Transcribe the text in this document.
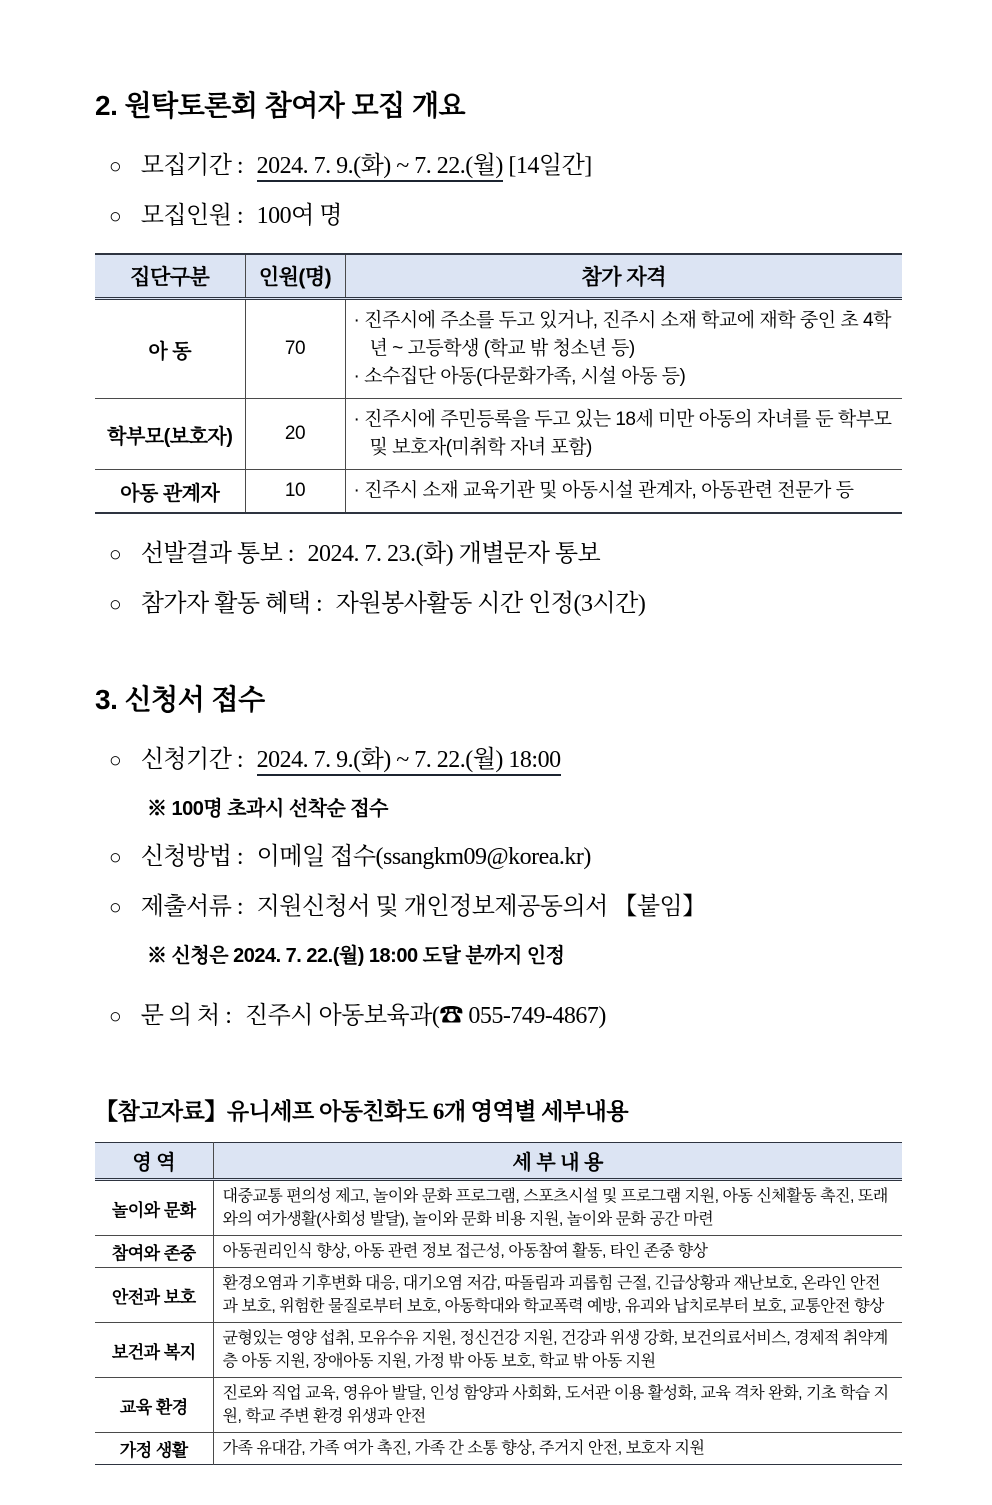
2. 원탁토론회 참여자 모집 개요
○ 모집기간 : 2024. 7. 9.(화) ~ 7. 22.(월) [14일간]
○ 모집인원 : 100여 명
집단구분	인원(명)	참가 자격
아 동	70	· 진주시에 주소를 두고 있거나, 진주시 소재 학교에 재학 중인 초 4학년 ~ 고등학생 (학교 밖 청소년 등)
· 소수집단 아동(다문화가족, 시설 아동 등)

학부모(보호자)	20	· 진주시에 주민등록을 두고 있는 18세 미만 아동의 자녀를 둔 학부모 및 보호자(미취학 자녀 포함)

아동 관계자	10	· 진주시 소재 교육기관 및 아동시설 관계자, 아동관련 전문가 등
○ 선발결과 통보 : 2024. 7. 23.(화) 개별문자 통보
○ 참가자 활동 혜택 : 자원봉사활동 시간 인정(3시간)
3. 신청서 접수
○ 신청기간 : 2024. 7. 9.(화) ~ 7. 22.(월) 18:00
※ 100명 초과시 선착순 접수
○ 신청방법 : 이메일 접수(ssangkm09@korea.kr)
○ 제출서류 : 지원신청서 및 개인정보제공동의서 【붙임】
※ 신청은 2024. 7. 22.(월) 18:00 도달 분까지 인정
○ 문 의 처 : 진주시 아동보육과(☎ 055-749-4867)
【참고자료】유니세프 아동친화도 6개 영역별 세부내용
영 역	세 부 내 용
놀이와 문화	대중교통 편의성 제고, 놀이와 문화 프로그램, 스포츠시설 및 프로그램 지원, 아동 신체활동 촉진, 또래와의 여가생활(사회성 발달), 놀이와 문화 비용 지원, 놀이와 문화 공간 마련
참여와 존중	아동권리인식 향상, 아동 관련 정보 접근성, 아동참여 활동, 타인 존중 향상
안전과 보호	환경오염과 기후변화 대응, 대기오염 저감, 따돌림과 괴롭힘 근절, 긴급상황과 재난보호, 온라인 안전과 보호, 위험한 물질로부터 보호, 아동학대와 학교폭력 예방, 유괴와 납치로부터 보호, 교통안전 향상
보건과 복지	균형있는 영양 섭취, 모유수유 지원, 정신건강 지원, 건강과 위생 강화, 보건의료서비스, 경제적 취약계층 아동 지원, 장애아동 지원, 가정 밖 아동 보호, 학교 밖 아동 지원
교육 환경	진로와 직업 교육, 영유아 발달, 인성 함양과 사회화, 도서관 이용 활성화, 교육 격차 완화, 기초 학습 지원, 학교 주변 환경 위생과 안전
가정 생활	가족 유대감, 가족 여가 촉진, 가족 간 소통 향상, 주거지 안전, 보호자 지원
